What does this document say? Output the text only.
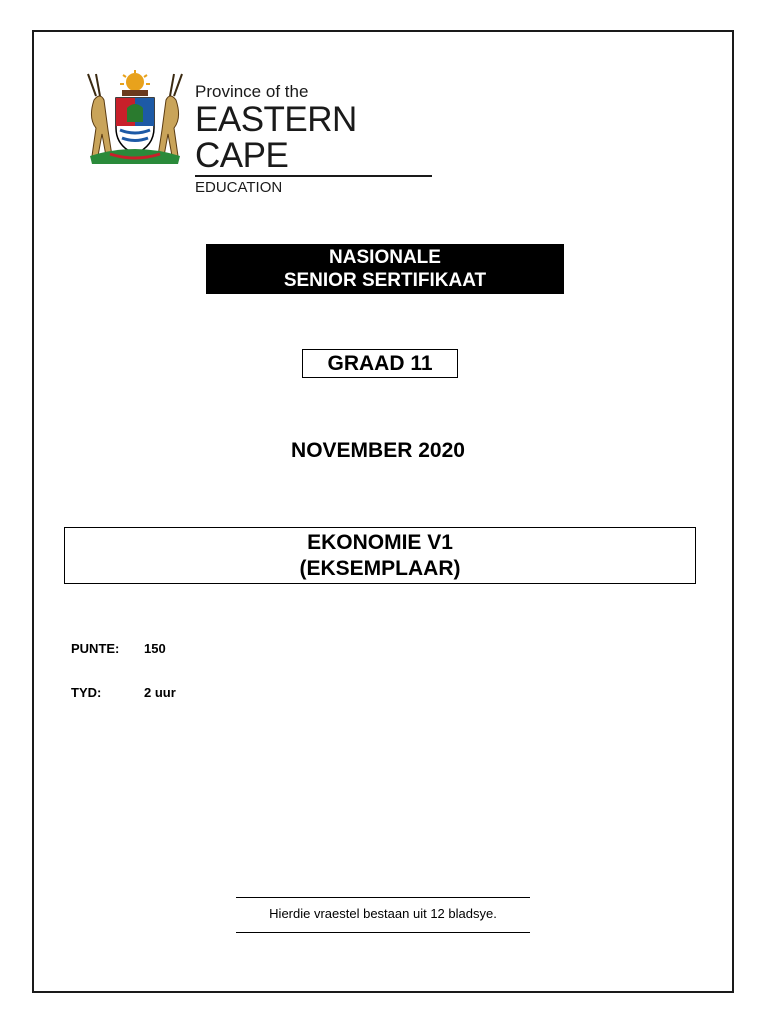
Province of the
EASTERN CAPE
EDUCATION
NASIONALE
SENIOR SERTIFIKAAT
GRAAD 11
NOVEMBER 2020
EKONOMIE V1
(EKSEMPLAAR)
PUNTE: 150
TYD:	2 uur
Hierdie vraestel bestaan uit 12 bladsye.
